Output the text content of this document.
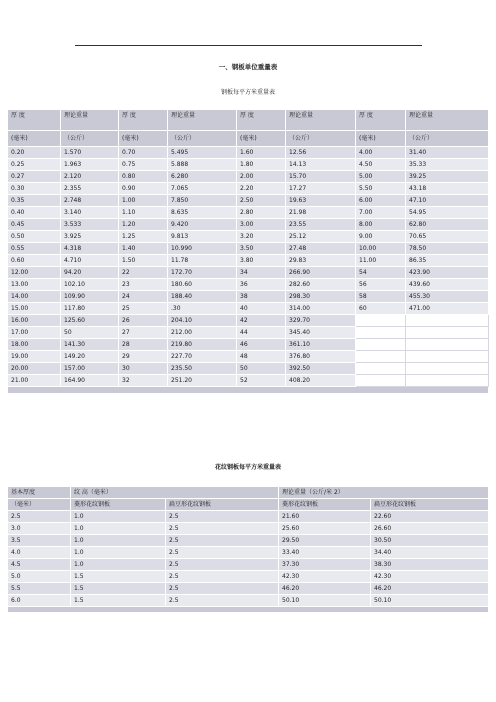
一、钢板单位重量表
钢板每平方米重量表
厚 度	理论重量	厚 度	理论重量	厚 度	理论重量	厚 度	理论重量
(毫米)	（公斤）	(毫米)	（公斤）	(毫米)	（公斤）	(毫米)	（公斤）
0.20	1.570	0.70	5.495	1.60	12.56	4.00	31.40
0.25	1.963	0.75	5.888	1.80	14.13	4.50	35.33
0.27	2.120	0.80	6.280	2.00	15.70	5.00	39.25
0.30	2.355	0.90	7.065	2.20	17.27	5.50	43.18
0.35	2.748	1.00	7.850	2.50	19.63	6.00	47.10
0.40	3.140	1.10	8.635	2.80	21.98	7.00	54.95
0.45	3.533	1.20	9.420	3.00	23.55	8.00	62.80
0.50	3.925	1.25	9.813	3.20	25.12	9.00	70.65
0.55	4.318	1.40	10.990	3.50	27.48	10.00	78.50
0.60	4.710	1.50	11.78	3.80	29.83	11.00	86.35
12.00	94.20	22	172.70	34	266.90	54	423.90
13.00	102.10	23	180.60	36	282.60	56	439.60
14.00	109.90	24	188.40	38	298.30	58	455.30
15.00	117.80	25	.30	40	314.00	60	471.00
16.00	125.60	26	204.10	42	329.70		
17.00	50	27	212.00	44	345.40		
18.00	141.30	28	219.80	46	361.10		
19.00	149.20	29	227.70	48	376.80		
20.00	157.00	30	235.50	50	392.50		
21.00	164.90	32	251.20	52	408.20		

花纹钢板每平方米重量表
基本厚度	纹 高（毫米）		理论重量（公斤/米 2）	
（毫米）	菱形花纹钢板	扁豆形花纹钢板	菱形花纹钢板	扁豆形花纹钢板
2.5	1.0	2.5	21.60	22.60
3.0	1.0	2.5	25.60	26.60
3.5	1.0	2.5	29.50	30.50
4.0	1.0	2.5	33.40	34.40
4.5	1.0	2.5	37.30	38.30
5.0	1.5	2.5	42.30	42.30
5.5	1.5	2.5	46.20	46.20
6.0	1.5	2.5	50.10	50.10
